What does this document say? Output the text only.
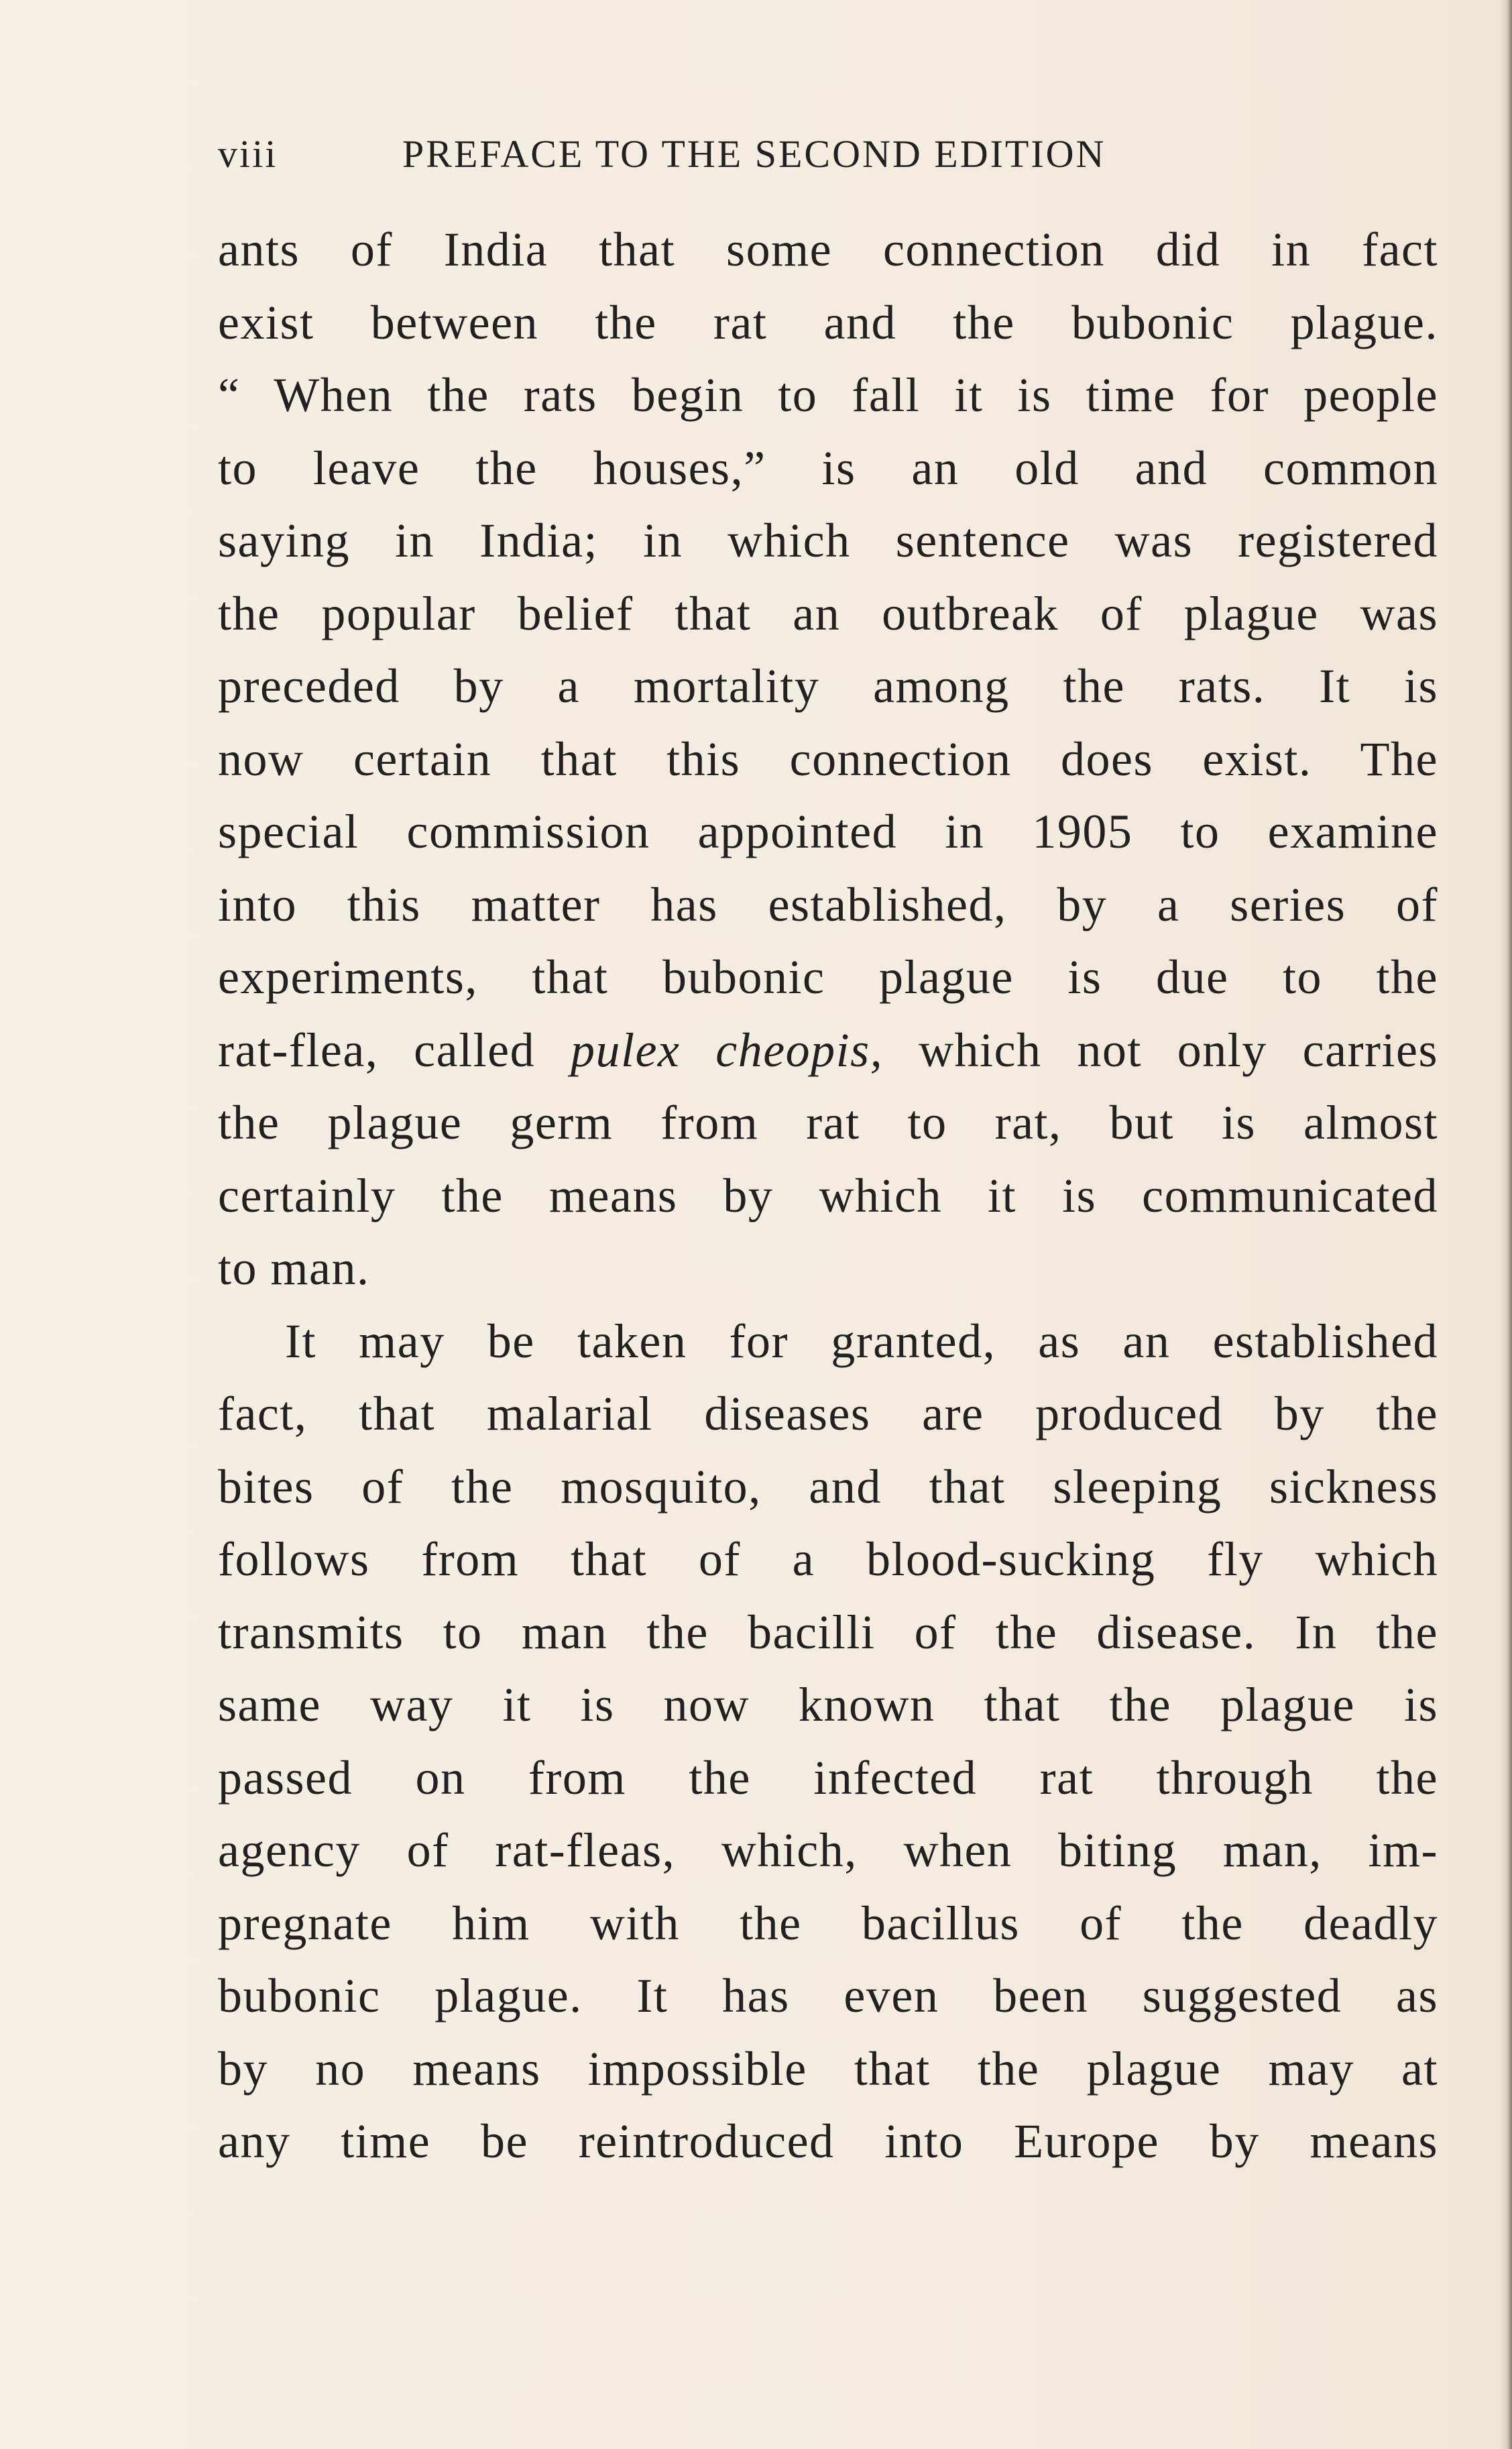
viii	PREFACE TO THE SECOND EDITION
ants of India that some connection did in fact
exist between the rat and the bubonic plague.
“ When the rats begin to fall it is time for people
to leave the houses,” is an old and common
saying in India; in which sentence was registered
the popular belief that an outbreak of plague was
preceded by a mortality among the rats. It is
now certain that this connection does exist. The
special commission appointed in 1905 to examine
into this matter has established, by a series of
experiments, that bubonic plague is due to the
rat-flea, called pulex cheopis, which not only carries
the plague germ from rat to rat, but is almost
certainly the means by which it is communicated
to man.
It may be taken for granted, as an established
fact, that malarial diseases are produced by the
bites of the mosquito, and that sleeping sickness
follows from that of a blood-sucking fly which
transmits to man the bacilli of the disease. In the
same way it is now known that the plague is
passed on from the infected rat through the
agency of rat-fleas, which, when biting man, im-
pregnate him with the bacillus of the deadly
bubonic plague. It has even been suggested as
by no means impossible that the plague may at
any time be reintroduced into Europe by means
